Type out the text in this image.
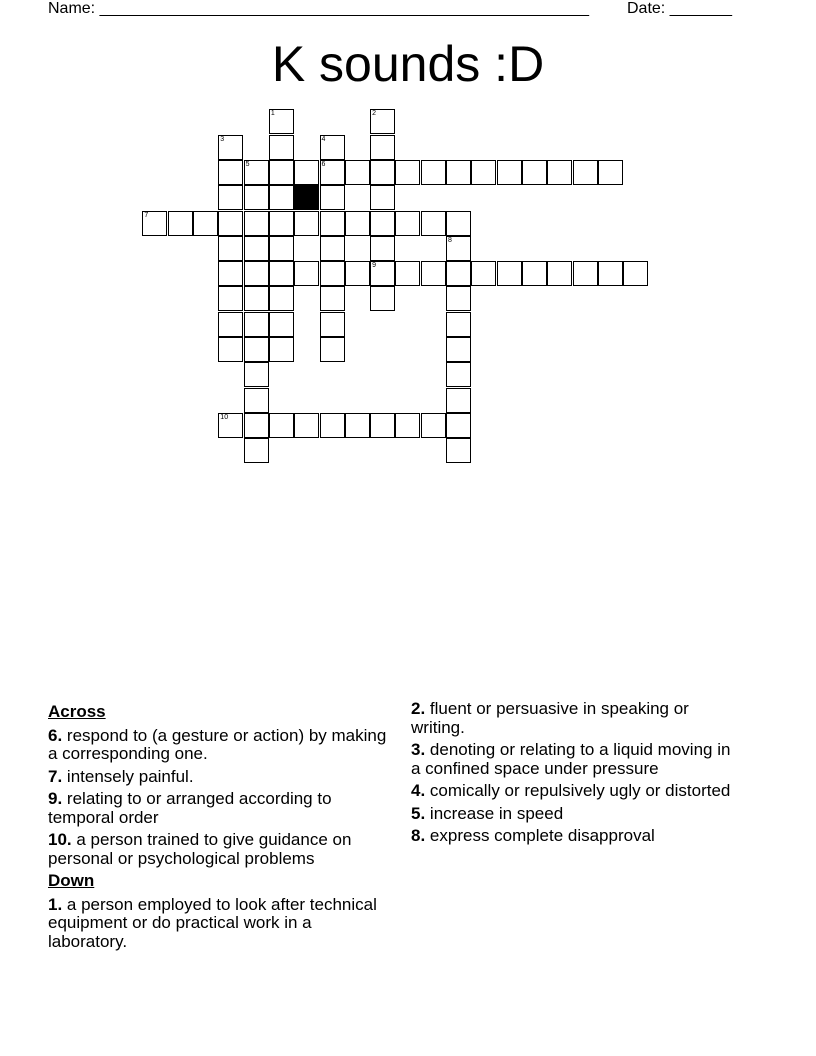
Name: _______________________________________________________ Date: _______
K sounds :D
1	2
3	4
5	6
7
8
9
10
Across
6. respond to (a gesture or action) by making a corresponding one.
7. intensely painful.
9. relating to or arranged according to temporal order
10. a person trained to give guidance on personal or psychological problems
Down
1. a person employed to look after technical equipment or do practical work in a laboratory.
2. fluent or persuasive in speaking or writing.
3. denoting or relating to a liquid moving in a confined space under pressure
4. comically or repulsively ugly or distorted
5. increase in speed
8. express complete disapproval
